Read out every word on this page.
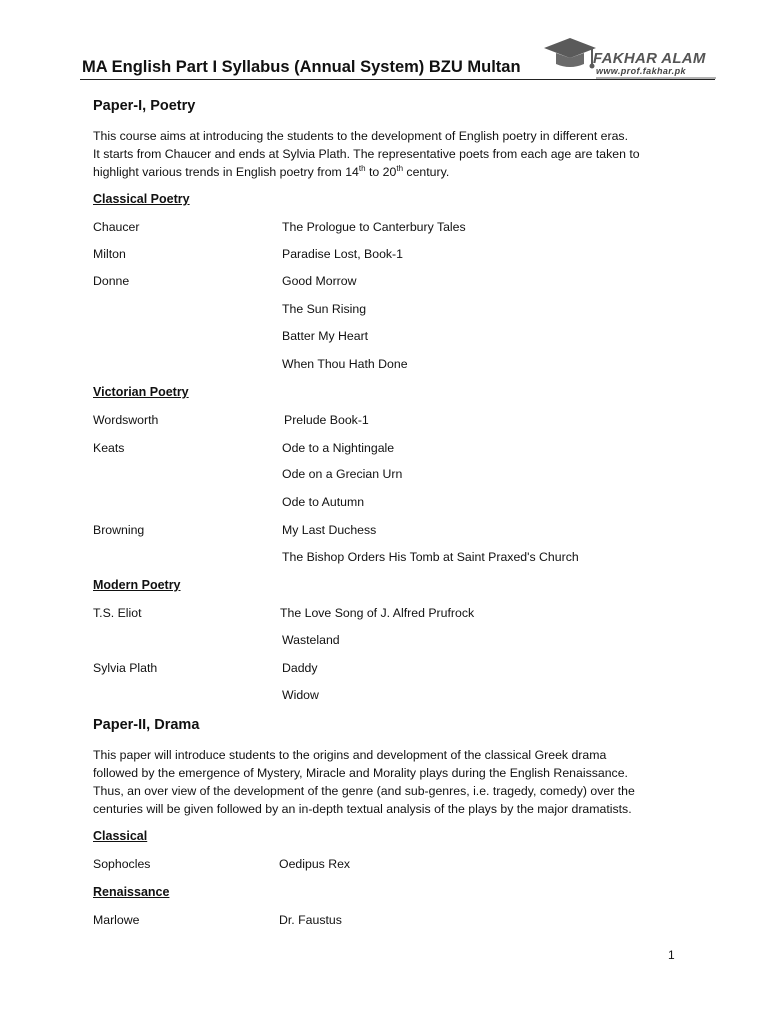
MA English Part I Syllabus (Annual System) BZU Multan	FAKHAR ALAM
www.prof.fakhar.pk
Paper-I, Poetry
This course aims at introducing the students to the development of English poetry in different eras.
It starts from Chaucer and ends at Sylvia Plath. The representative poets from each age are taken to
highlight various trends in English poetry from 14th to 20th century.
Classical Poetry
Chaucer	The Prologue to Canterbury Tales
Milton	Paradise Lost, Book-1
Donne	Good Morrow
The Sun Rising
Batter My Heart
When Thou Hath Done
Victorian Poetry
Wordsworth	Prelude Book-1
Keats	Ode to a Nightingale
Ode on a Grecian Urn
Ode to Autumn
Browning	My Last Duchess
The Bishop Orders His Tomb at Saint Praxed's Church
Modern Poetry
T.S. Eliot	The Love Song of J. Alfred Prufrock
Wasteland
Sylvia Plath	Daddy
Widow
Paper-II, Drama
This paper will introduce students to the origins and development of the classical Greek drama
followed by the emergence of Mystery, Miracle and Morality plays during the English Renaissance.
Thus, an over view of the development of the genre (and sub-genres, i.e. tragedy, comedy) over the
centuries will be given followed by an in-depth textual analysis of the plays by the major dramatists.
Classical
Sophocles	Oedipus Rex
Renaissance
Marlowe	Dr. Faustus
1
